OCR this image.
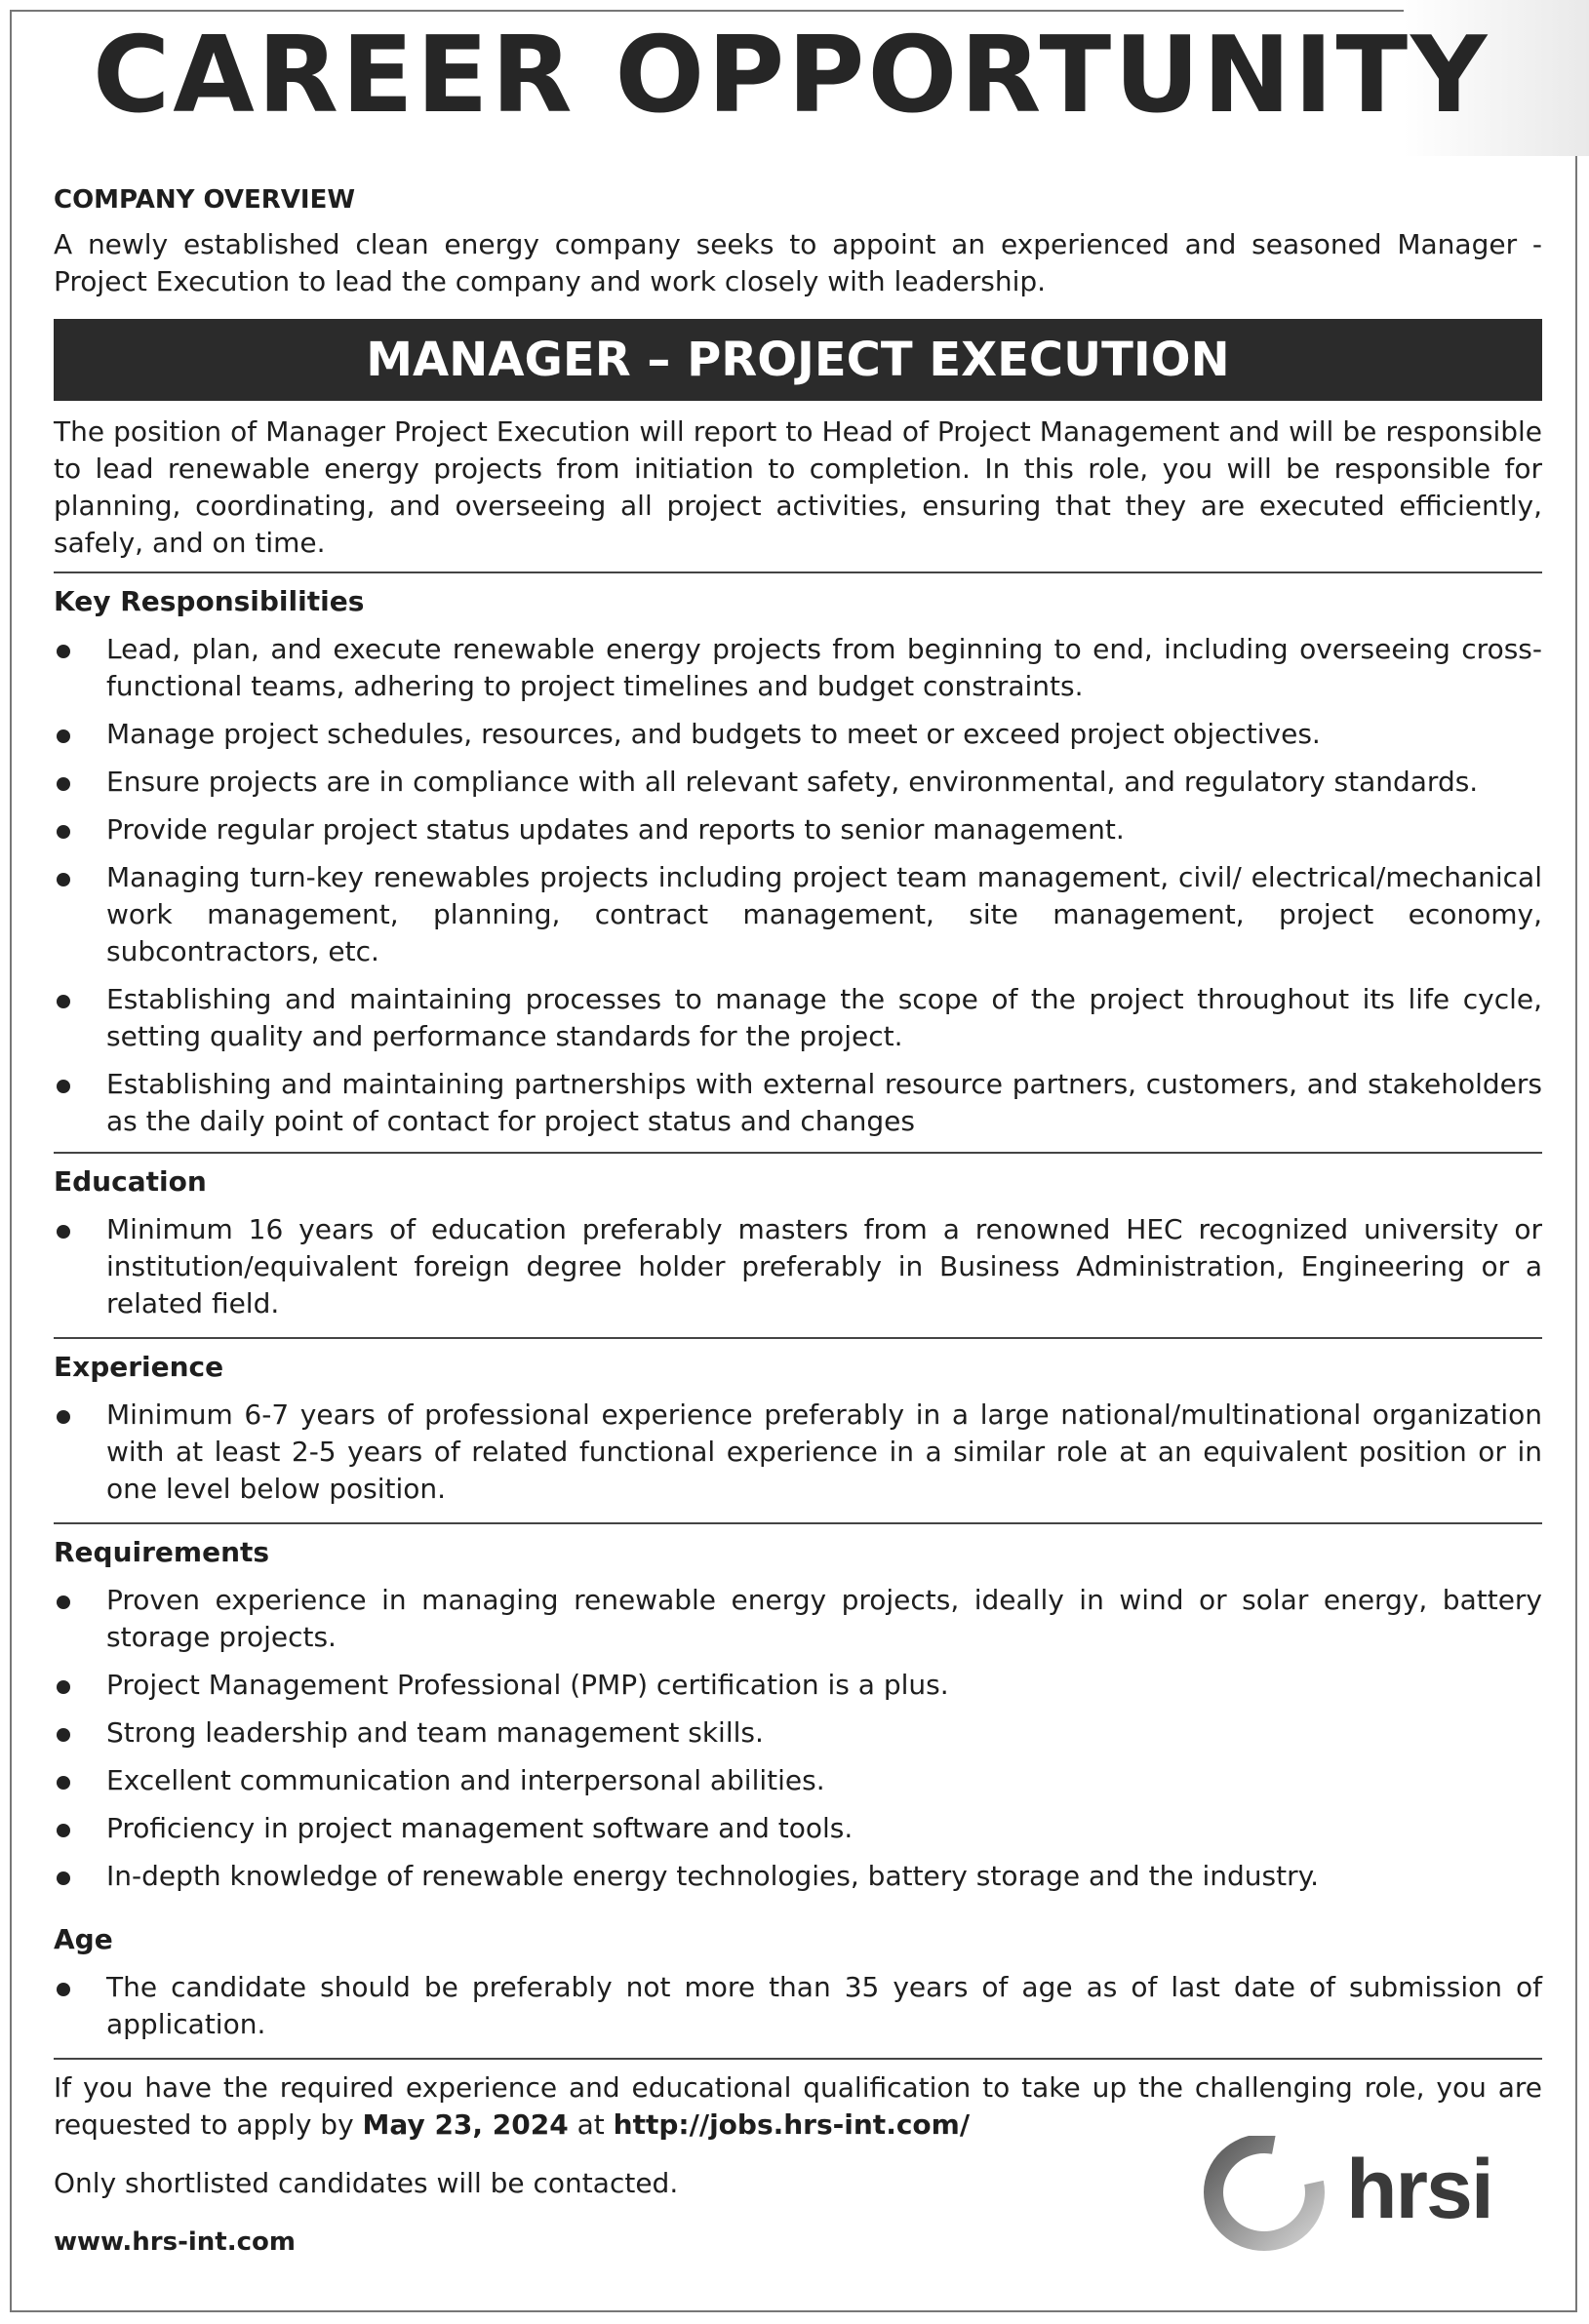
CAREER OPPORTUNITY

COMPANY OVERVIEW

A newly established clean energy company seeks to appoint an experienced and seasoned Manager - Project Execution to lead the company and work closely with leadership.

MANAGER – PROJECT EXECUTION

The position of Manager Project Execution will report to Head of Project Management and will be responsible to lead renewable energy projects from initiation to completion. In this role, you will be responsible for planning, coordinating, and overseeing all project activities, ensuring that they are executed efficiently, safely, and on time.

Key Responsibilities

Lead, plan, and execute renewable energy projects from beginning to end, including overseeing cross-functional teams, adhering to project timelines and budget constraints.
Manage project schedules, resources, and budgets to meet or exceed project objectives.
Ensure projects are in compliance with all relevant safety, environmental, and regulatory standards.
Provide regular project status updates and reports to senior management.
Managing turn-key renewables projects including project team management, civil/ electrical/mechanical work management, planning, contract management, site management, project economy, subcontractors, etc.
Establishing and maintaining processes to manage the scope of the project throughout its life cycle, setting quality and performance standards for the project.
Establishing and maintaining partnerships with external resource partners, customers, and stakeholders as the daily point of contact for project status and changes

Education

Minimum 16 years of education preferably masters from a renowned HEC recognized university or institution/equivalent foreign degree holder preferably in Business Administration, Engineering or a related field.

Experience

Minimum 6-7 years of professional experience preferably in a large national/multinational organization with at least 2-5 years of related functional experience in a similar role at an equivalent position or in one level below position.

Requirements

Proven experience in managing renewable energy projects, ideally in wind or solar energy, battery storage projects.
Project Management Professional (PMP) certification is a plus.
Strong leadership and team management skills.
Excellent communication and interpersonal abilities.
Proficiency in project management software and tools.
In-depth knowledge of renewable energy technologies, battery storage and the industry.

Age

The candidate should be preferably not more than 35 years of age as of last date of submission of application.

If you have the required experience and educational qualification to take up the challenging role, you are requested to apply by May 23, 2024 at http://jobs.hrs-int.com/

Only shortlisted candidates will be contacted.

www.hrs-int.com

hrsi
